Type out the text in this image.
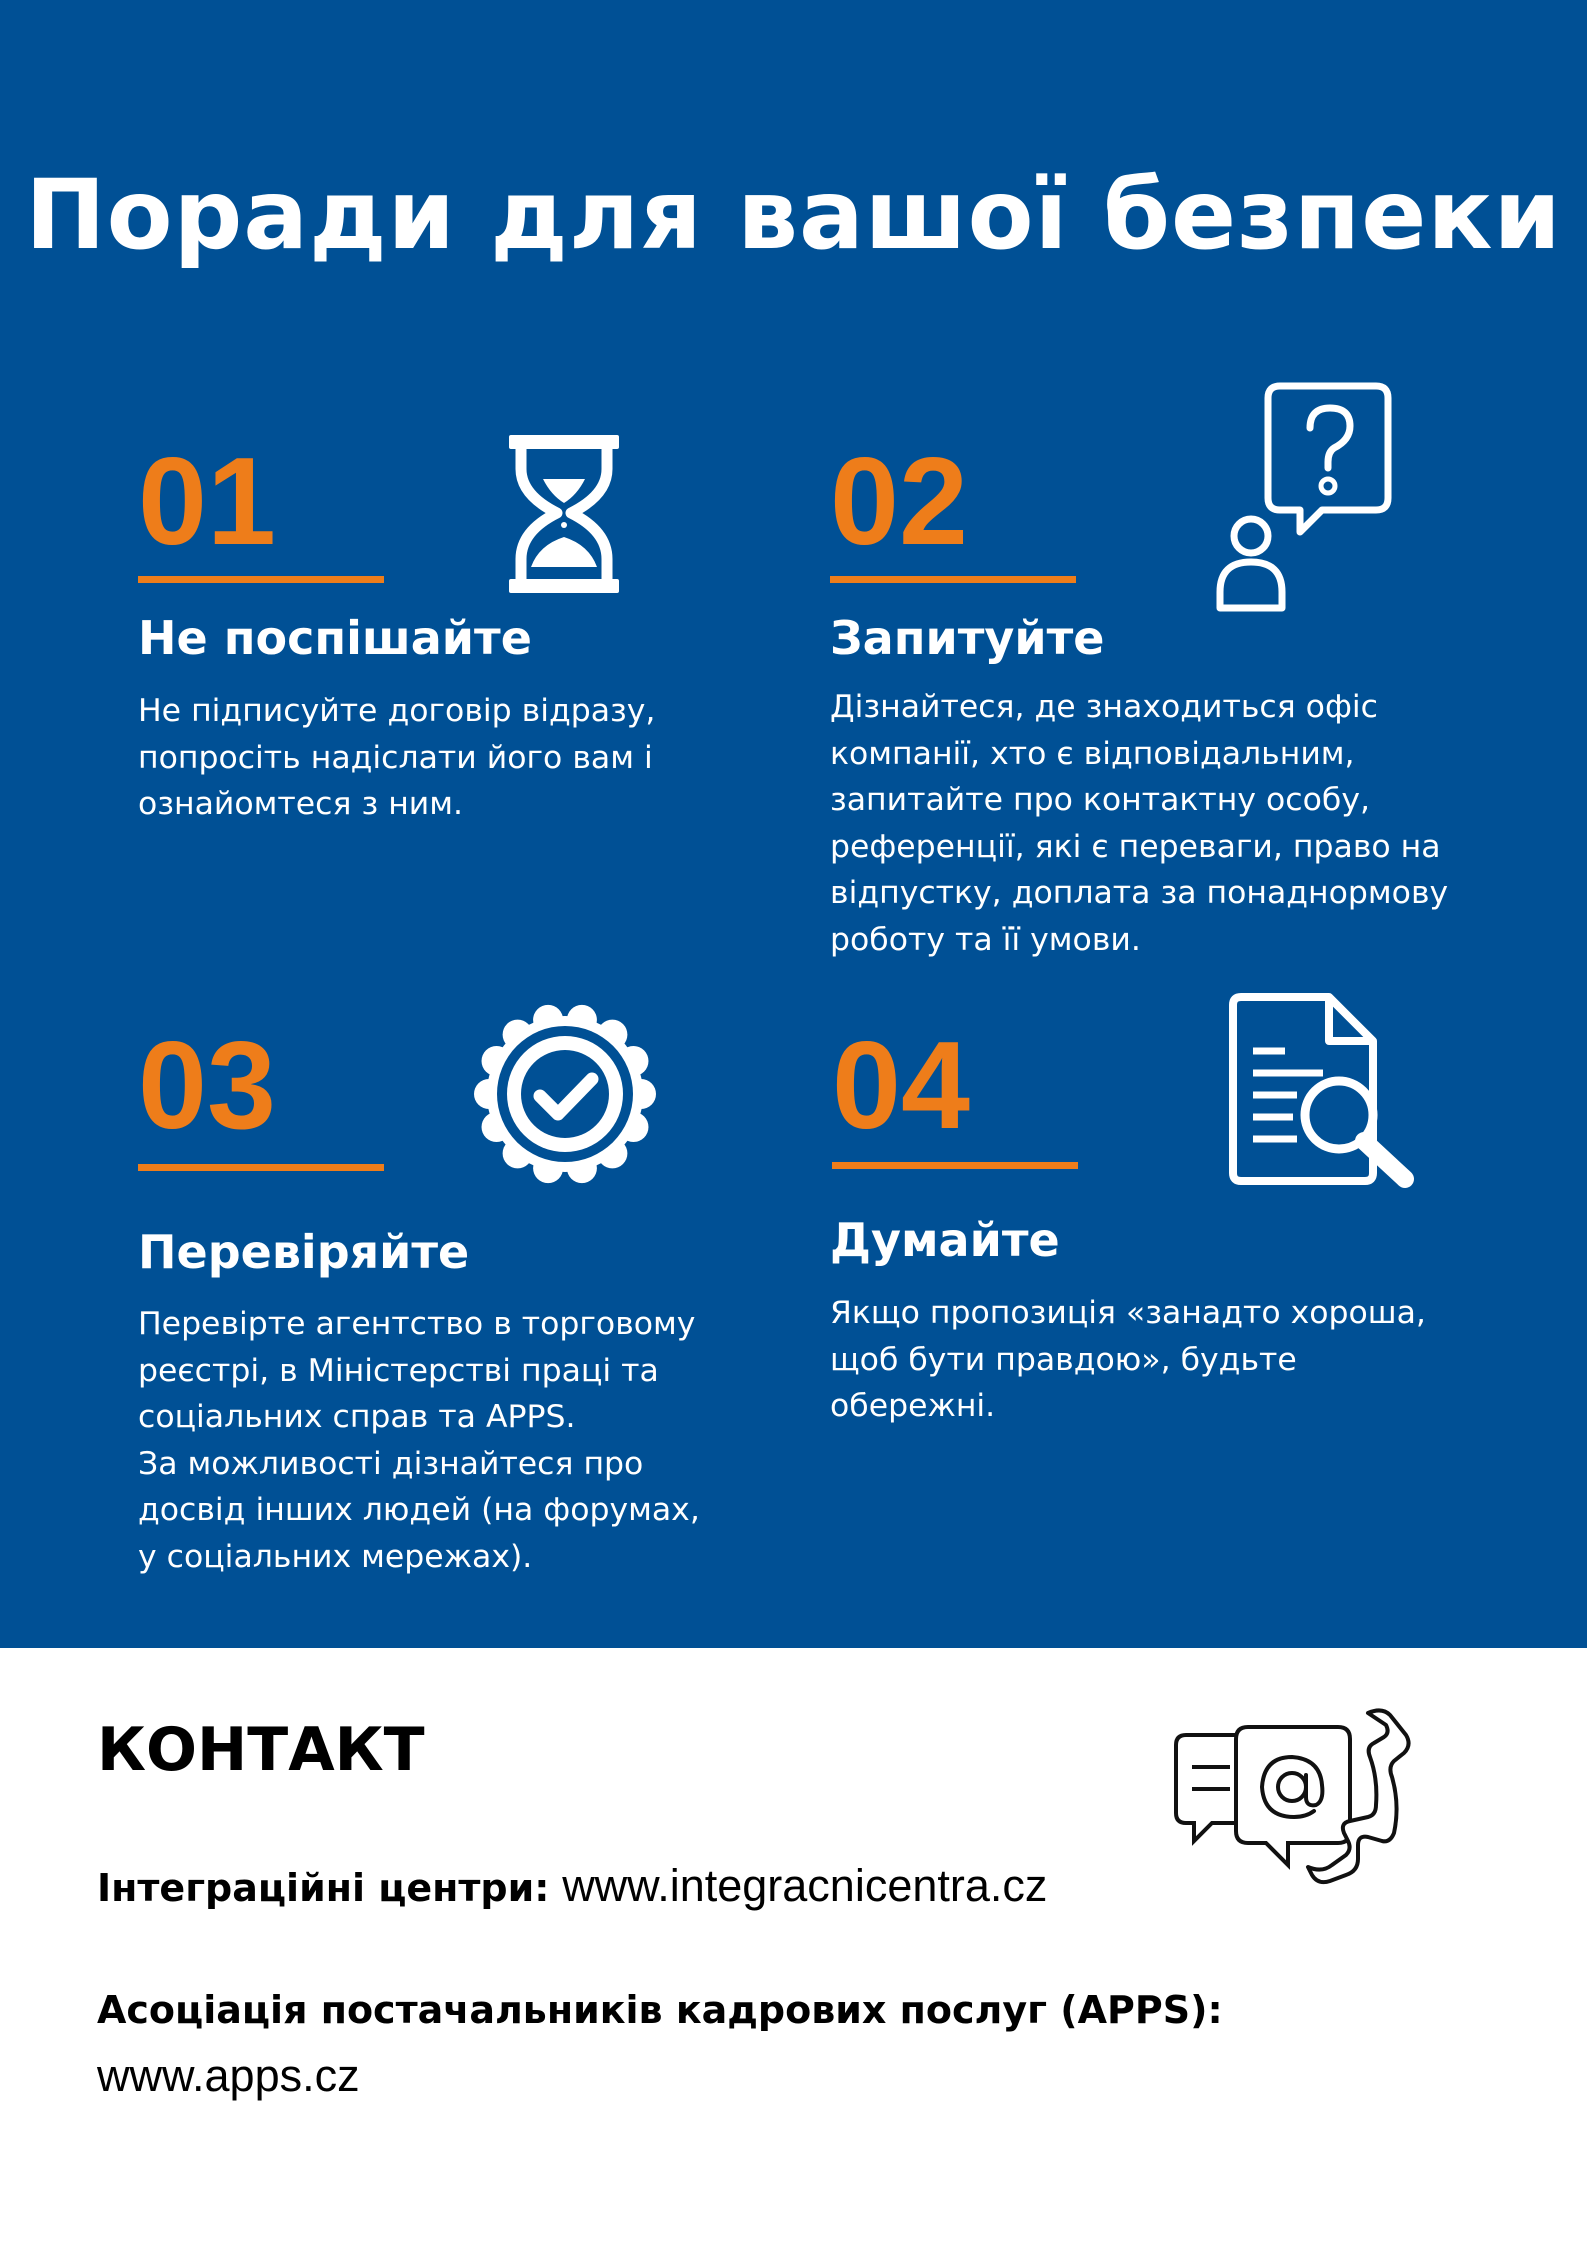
Поради для вашої безпеки
01
Не поспішайте
Не підписуйте договір відразу,
попросіть надіслати його вам і
ознайомтеся з ним.
02
Запитуйте
Дізнайтеся, де знаходиться офіс
компанії, хто є відповідальним,
запитайте про контактну особу,
референції, які є переваги, право на
відпустку, доплата за понаднормову
роботу та її умови.
03
Перевіряйте
Перевірте агентство в торговому
реєстрі, в Міністерстві праці та
соціальних справ та APPS.
За можливості дізнайтеся про
досвід інших людей (на форумах,
у соціальних мережах).
04
Думайте
Якщо пропозиція «занадто хороша,
щоб бути правдою», будьте
обережні.
КОНТАКТ
Інтеграційні центри: www.integracnicentra.cz
Асоціація постачальників кадрових послуг (APPS):
www.apps.cz
